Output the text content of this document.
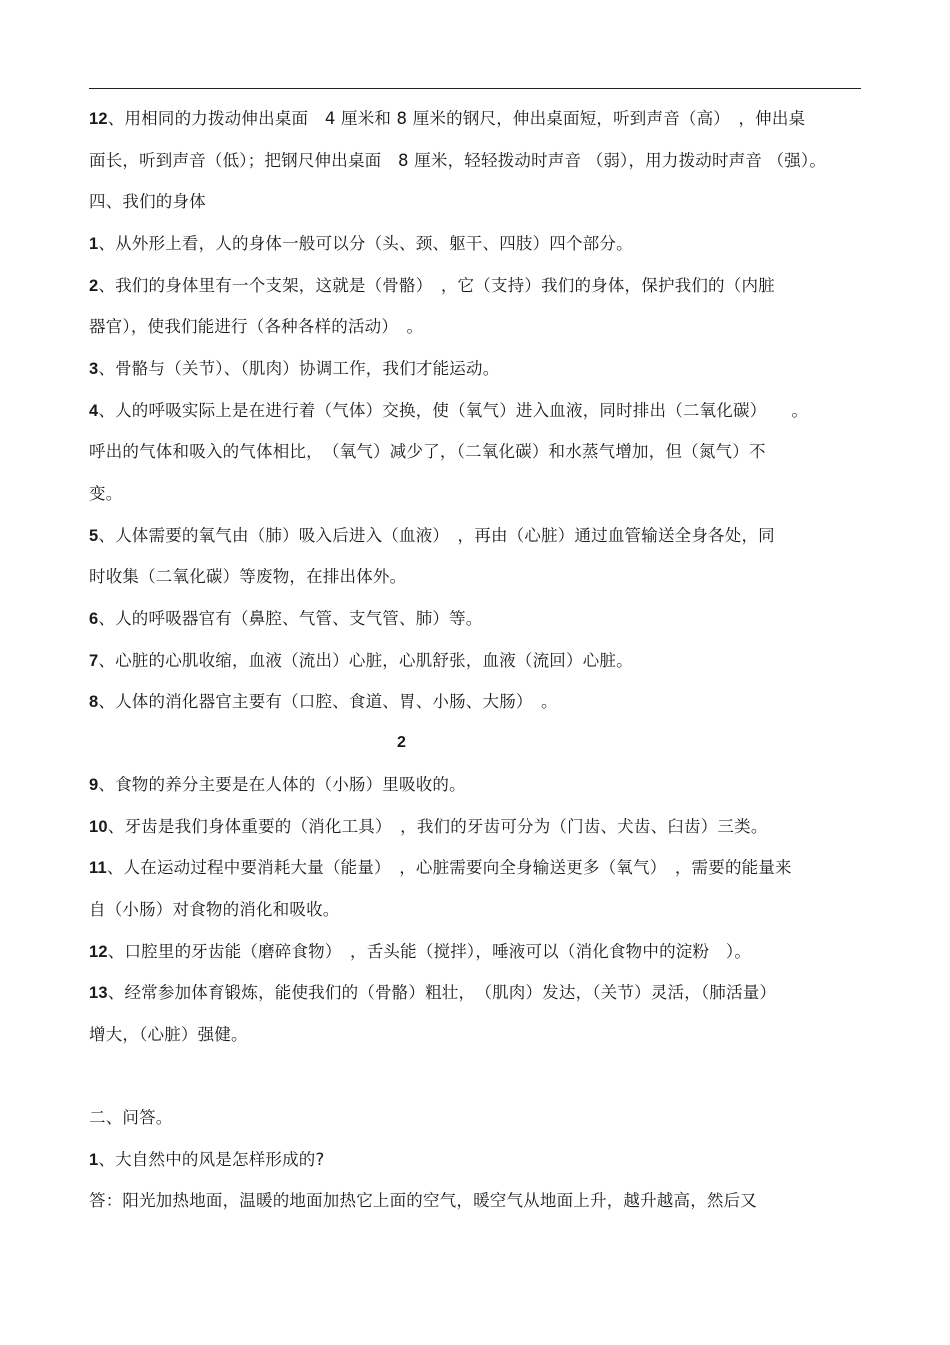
12、用相同的力拨动伸出桌面　4 厘米和 8 厘米的钢尺，伸出桌面短，听到声音（高）　，伸出桌
面长，听到声音（低）；把钢尺伸出桌面　8 厘米，轻轻拨动时声音 （弱），用力拨动时声音 （强）。
四、我们的身体
1、从外形上看，人的身体一般可以分（头、颈、躯干、四肢）四个部分。
2、我们的身体里有一个支架，这就是（骨骼）　，它（支持）我们的身体，保护我们的（内脏
器官），使我们能进行（各种各样的活动）　。
3、骨骼与（关节）、（肌肉）协调工作，我们才能运动。
4、人的呼吸实际上是在进行着（气体）交换，使（氧气）进入血液，同时排出（二氧化碳）　　。
呼出的气体和吸入的气体相比，　（氧气）减少了，（二氧化碳）和水蒸气增加，但（氮气）不
变。
5、人体需要的氧气由（肺）吸入后进入（血液）　，再由（心脏）通过血管输送全身各处，同
时收集（二氧化碳）等废物，在排出体外。
6、人的呼吸器官有（鼻腔、气管、支气管、肺）等。
7、心脏的心肌收缩，血液（流出）心脏，心肌舒张，血液（流回）心脏。
8、人体的消化器官主要有（口腔、食道、胃、小肠、大肠）　。
2
9、食物的养分主要是在人体的（小肠）里吸收的。
10、牙齿是我们身体重要的（消化工具）　，我们的牙齿可分为（门齿、犬齿、臼齿）三类。
11、人在运动过程中要消耗大量（能量）　，心脏需要向全身输送更多（氧气）　，需要的能量来
自（小肠）对食物的消化和吸收。
12、口腔里的牙齿能（磨碎食物）　，舌头能（搅拌），唾液可以（消化食物中的淀粉　）。
13、经常参加体育锻炼，能使我们的（骨骼）粗壮，　（肌肉）发达，（关节）灵活，（肺活量）
增大，（心脏）强健。
二、问答。
1、大自然中的风是怎样形成的?
答：阳光加热地面，温暖的地面加热它上面的空气，暖空气从地面上升，越升越高，然后又
